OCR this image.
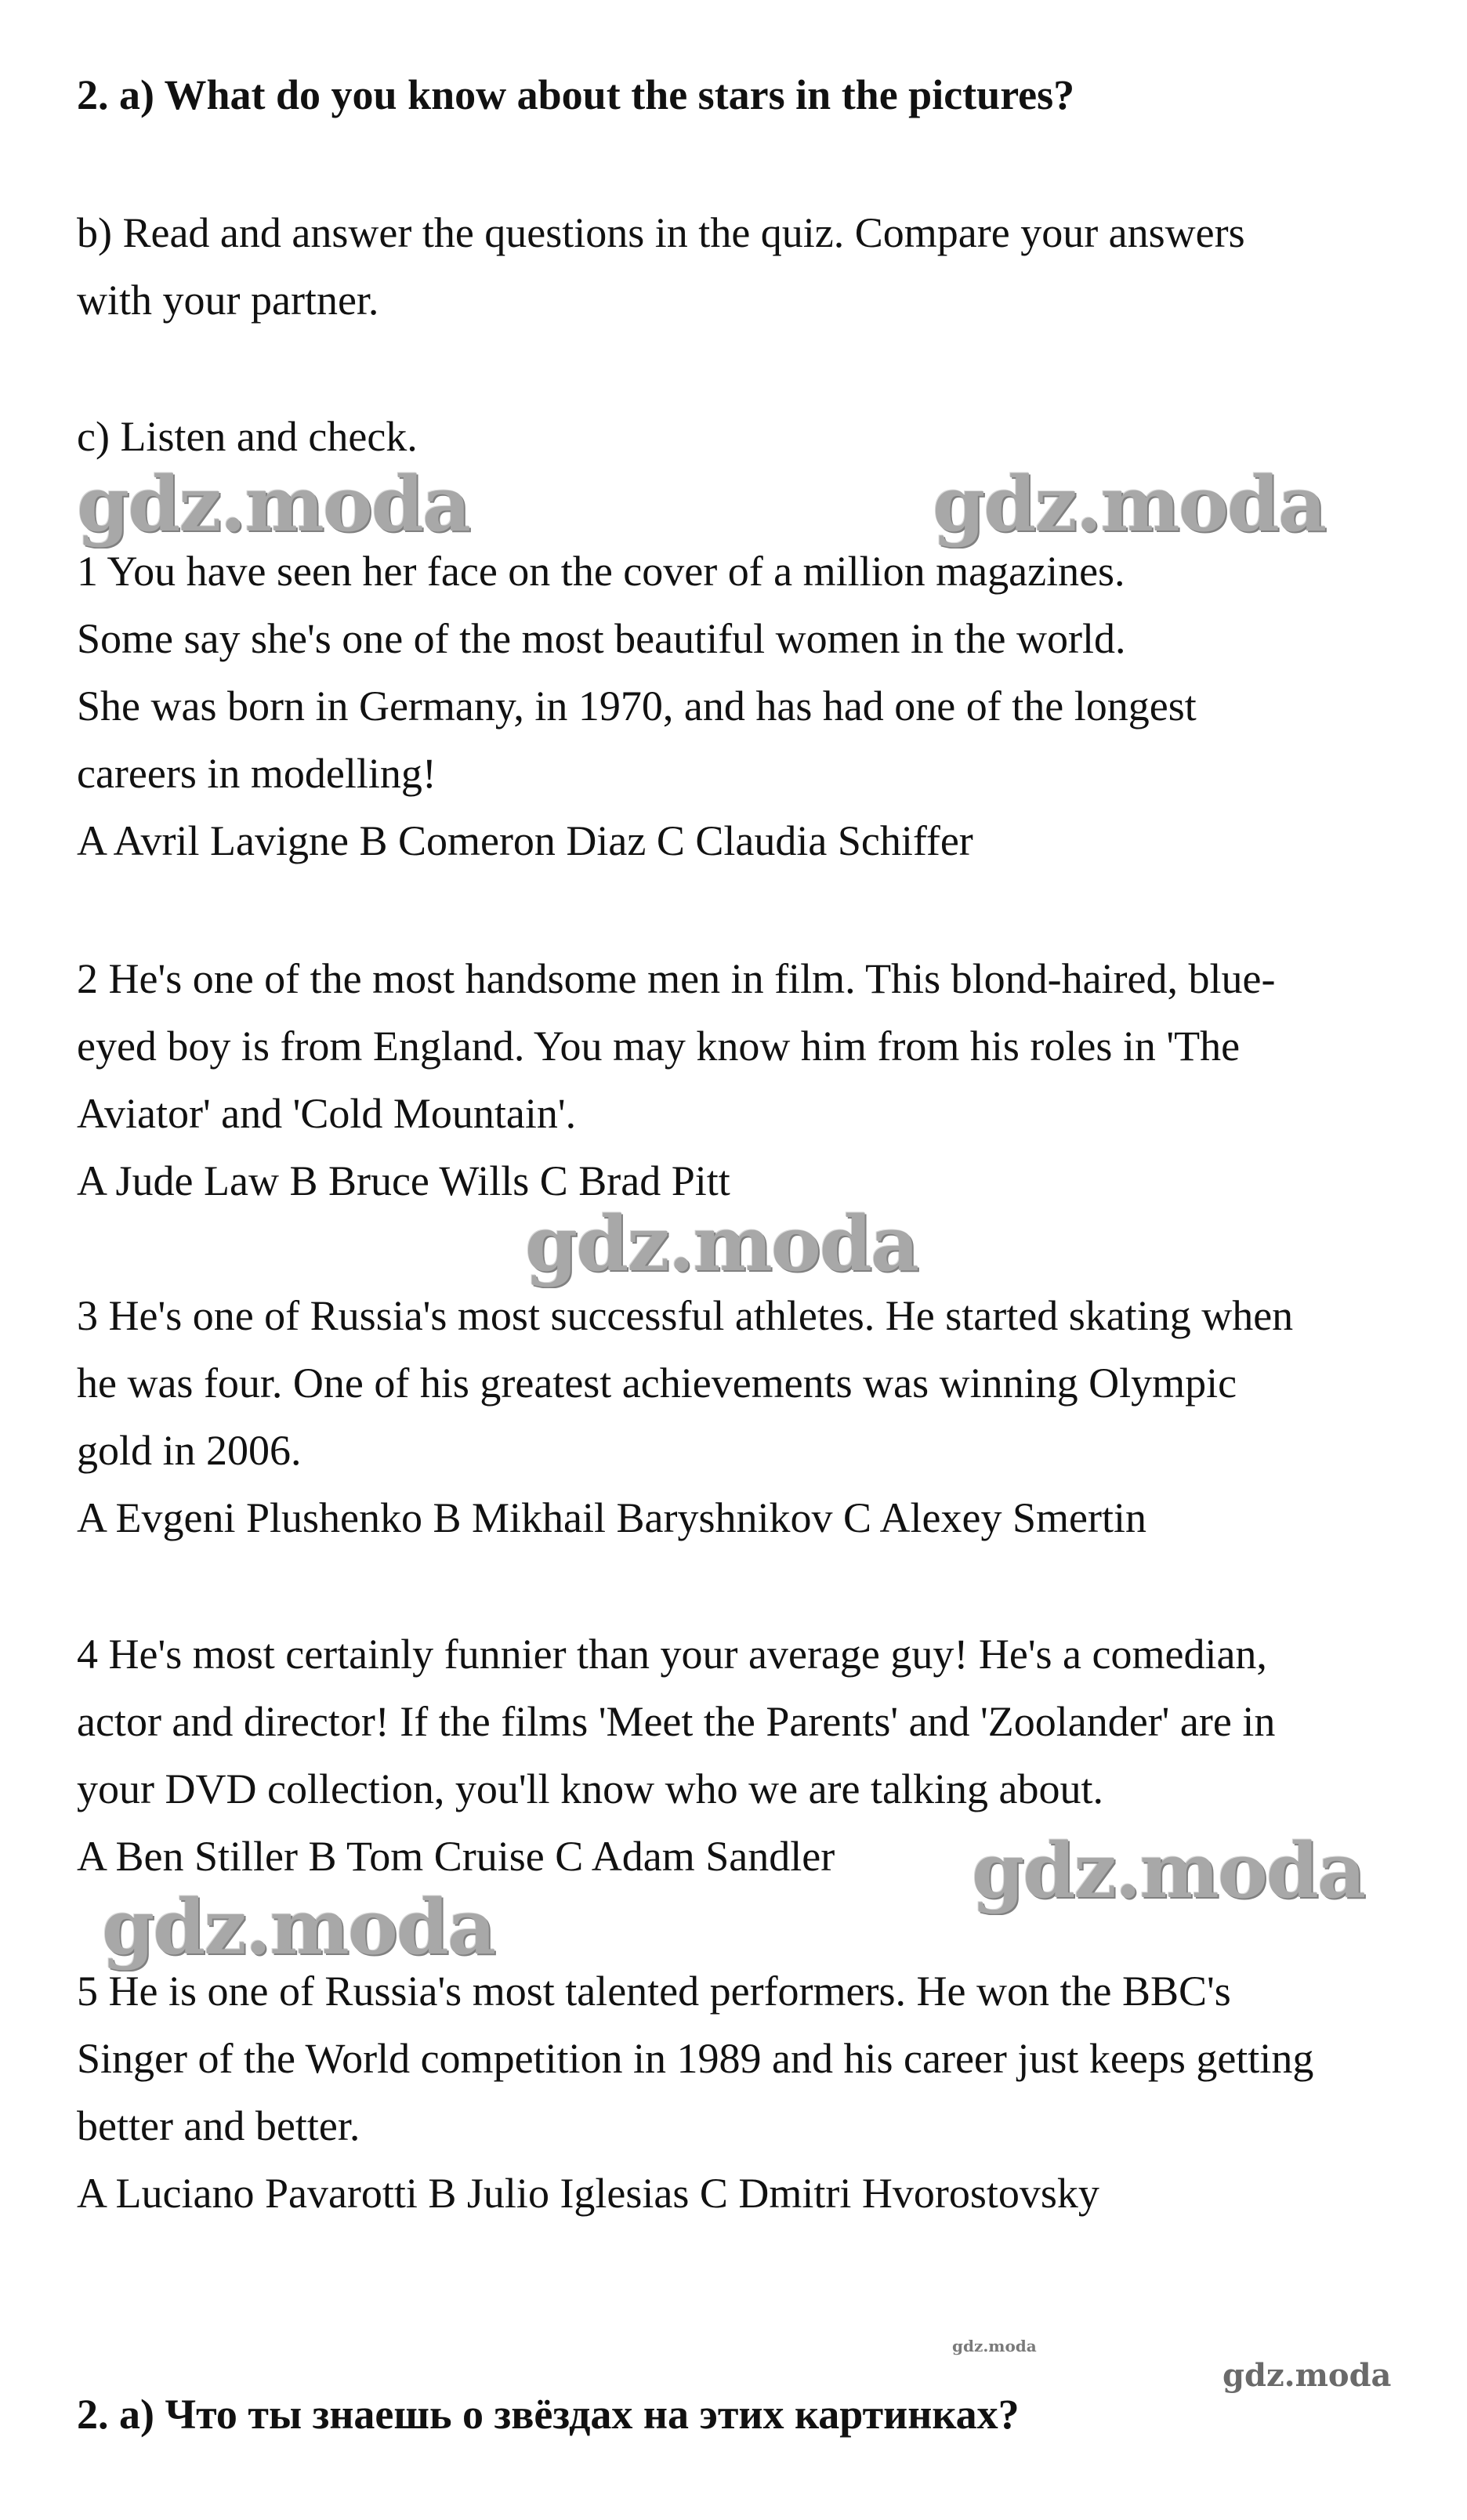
2. a) What do you know about the stars in the pictures?
b) Read and answer the questions in the quiz. Compare your answers
with your partner.
c) Listen and check.
gdz.moda	gdz.moda
1 You have seen her face on the cover of a million magazines.
Some say she's one of the most beautiful women in the world.
She was born in Germany, in 1970, and has had one of the longest
careers in modelling!
A Avril Lavigne B Comeron Diaz C Claudia Schiffer
2 He's one of the most handsome men in film. This blond-haired, blue-
eyed boy is from England. You may know him from his roles in 'The
Aviator' and 'Cold Mountain'.
A Jude Law B Bruce Wills C Brad Pitt
gdz.moda
3 He's one of Russia's most successful athletes. He started skating when
he was four. One of his greatest achievements was winning Olympic
gold in 2006.
A Evgeni Plushenko B Mikhail Baryshnikov C Alexey Smertin
4 He's most certainly funnier than your average guy! He's a comedian,
actor and director! If the films 'Meet the Parents' and 'Zoolander' are in
your DVD collection, you'll know who we are talking about.
A Ben Stiller B Tom Cruise C Adam Sandler gdz.moda
gdz.moda
5 He is one of Russia's most talented performers. He won the BBC's
Singer of the World competition in 1989 and his career just keeps getting
better and better.
A Luciano Pavarotti B Julio Iglesias C Dmitri Hvorostovsky
gdz.moda
gdz.moda
2. а) Что ты знаешь о звёздах на этих картинках?
